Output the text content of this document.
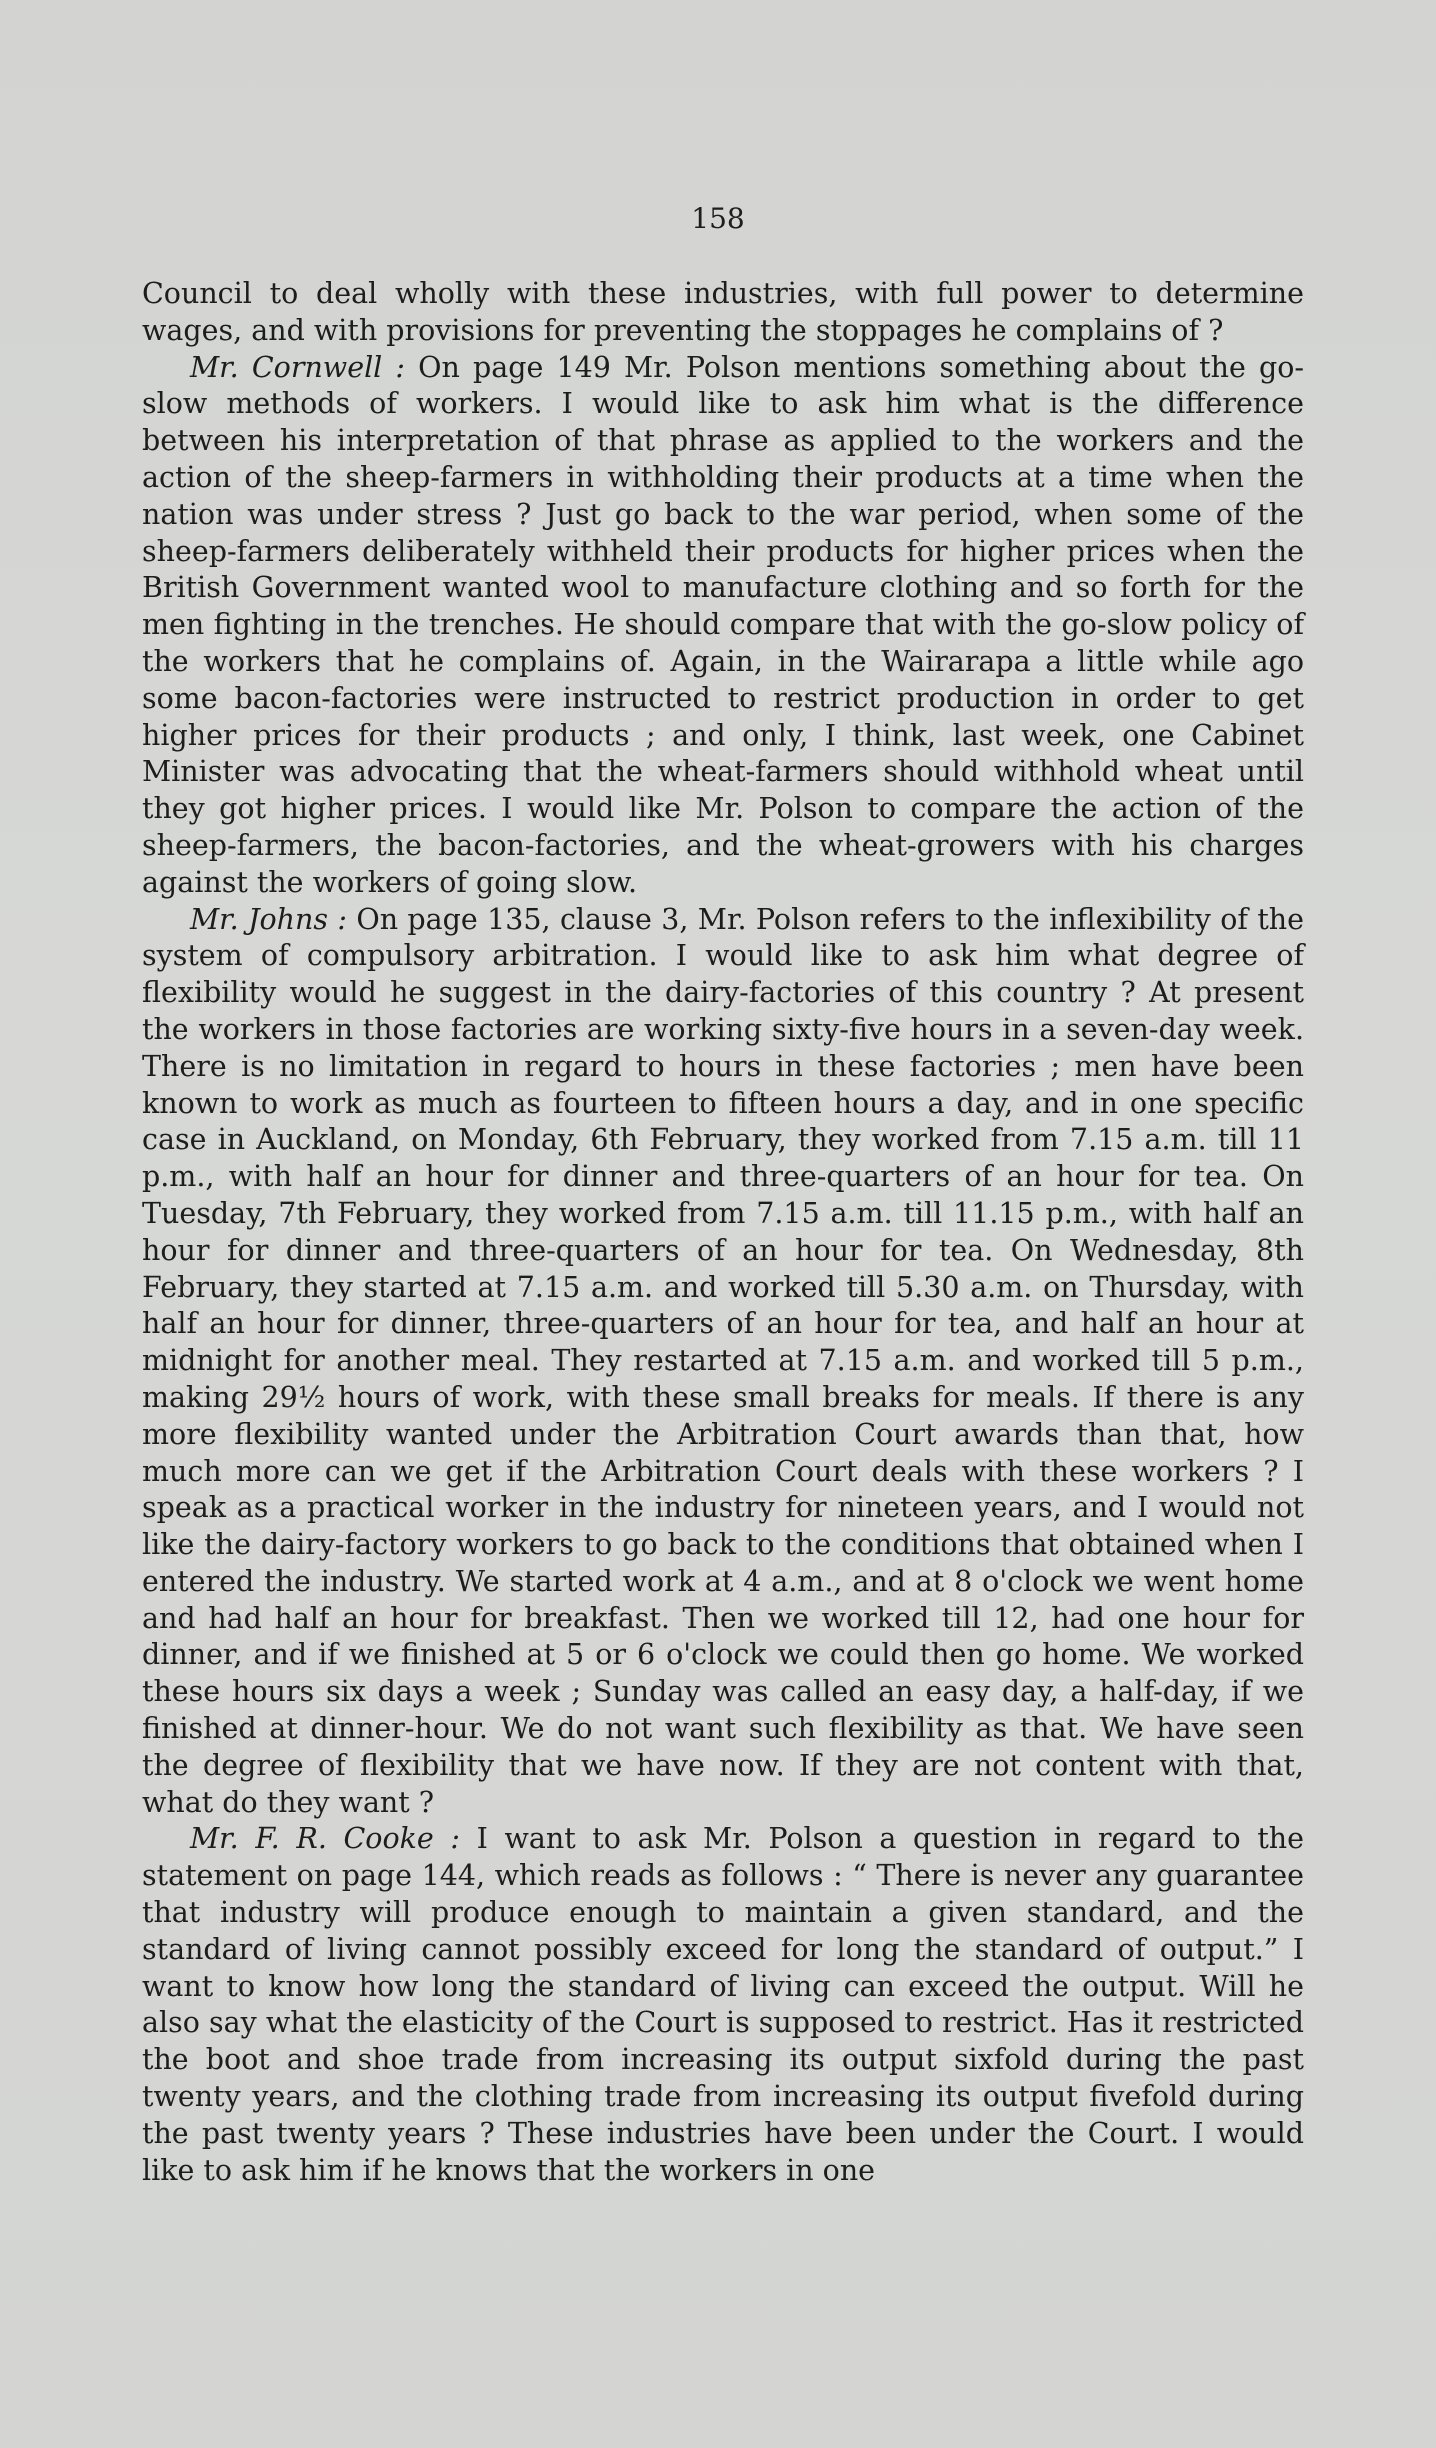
158

Council to deal wholly with these industries, with full power to determine wages, and with provisions for preventing the stoppages he complains of ?

Mr. Cornwell : On page 149 Mr. Polson mentions something about the go-slow methods of workers. I would like to ask him what is the difference between his interpretation of that phrase as applied to the workers and the action of the sheep-farmers in withholding their products at a time when the nation was under stress ? Just go back to the war period, when some of the sheep-farmers deliberately withheld their products for higher prices when the British Government wanted wool to manufacture clothing and so forth for the men fighting in the trenches. He should compare that with the go-slow policy of the workers that he complains of. Again, in the Wairarapa a little while ago some bacon-factories were instructed to restrict production in order to get higher prices for their products ; and only, I think, last week, one Cabinet Minister was advocating that the wheat-farmers should withhold wheat until they got higher prices. I would like Mr. Polson to compare the action of the sheep-farmers, the bacon-factories, and the wheat-growers with his charges against the workers of going slow.

Mr. Johns : On page 135, clause 3, Mr. Polson refers to the inflexibility of the system of compulsory arbitration. I would like to ask him what degree of flexibility would he suggest in the dairy-factories of this country ? At present the workers in those factories are working sixty-five hours in a seven-day week. There is no limitation in regard to hours in these factories ; men have been known to work as much as fourteen to fifteen hours a day, and in one specific case in Auckland, on Monday, 6th February, they worked from 7.15 a.m. till 11 p.m., with half an hour for dinner and three-quarters of an hour for tea. On Tuesday, 7th February, they worked from 7.15 a.m. till 11.15 p.m., with half an hour for dinner and three-quarters of an hour for tea. On Wednesday, 8th February, they started at 7.15 a.m. and worked till 5.30 a.m. on Thursday, with half an hour for dinner, three-quarters of an hour for tea, and half an hour at midnight for another meal. They restarted at 7.15 a.m. and worked till 5 p.m., making 29½ hours of work, with these small breaks for meals. If there is any more flexibility wanted under the Arbitration Court awards than that, how much more can we get if the Arbitration Court deals with these workers ? I speak as a practical worker in the industry for nineteen years, and I would not like the dairy-factory workers to go back to the conditions that obtained when I entered the industry. We started work at 4 a.m., and at 8 o'clock we went home and had half an hour for breakfast. Then we worked till 12, had one hour for dinner, and if we finished at 5 or 6 o'clock we could then go home. We worked these hours six days a week ; Sunday was called an easy day, a half-day, if we finished at dinner-hour. We do not want such flexibility as that. We have seen the degree of flexibility that we have now. If they are not content with that, what do they want ?

Mr. F. R. Cooke : I want to ask Mr. Polson a question in regard to the statement on page 144, which reads as follows : “ There is never any guarantee that industry will produce enough to maintain a given standard, and the standard of living cannot possibly exceed for long the standard of output.” I want to know how long the standard of living can exceed the output. Will he also say what the elasticity of the Court is supposed to restrict. Has it restricted the boot and shoe trade from increasing its output sixfold during the past twenty years, and the clothing trade from increasing its output fivefold during the past twenty years ? These industries have been under the Court. I would like to ask him if he knows that the workers in one
